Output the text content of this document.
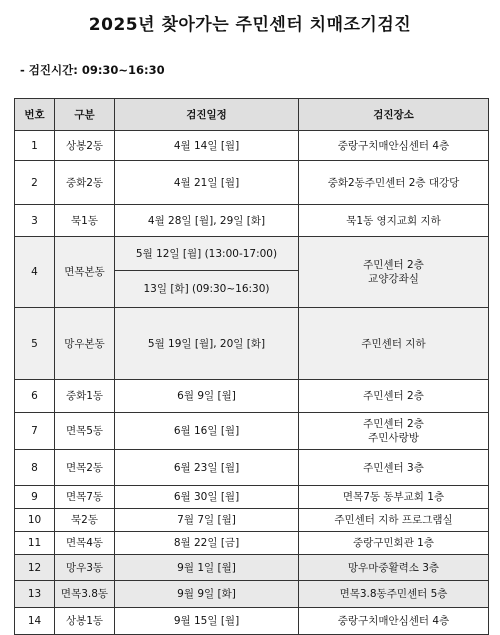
2025년 찾아가는 주민센터 치매조기검진
- 검진시간: 09:30~16:30
번호	구분	검진일정	검진장소
1	상봉2동	4월 14일 [월]	중랑구치매안심센터 4층
2	중화2동	4월 21일 [월]	중화2동주민센터 2층 대강당
3	묵1동	4월 28일 [월], 29일 [화]	묵1동 영지교회 지하
4	면목본동	5월 12일 [월] (13:00-17:00)	주민센터 2층
교양강좌실

		13일 [화] (09:30~16:30)	
5	망우본동	5월 19일 [월], 20일 [화]	주민센터 지하
6	중화1동	6월 9일 [월]	주민센터 2층
7	면목5동	6월 16일 [월]	주민센터 2층
주민사랑방

8	면목2동	6월 23일 [월]	주민센터 3층
9	면목7동	6월 30일 [월]	면목7동 동부교회 1층
10	묵2동	7월 7일 [월]	주민센터 지하 프로그램실
11	면목4동	8월 22일 [금]	중랑구민회관 1층
12	망우3동	9월 1일 [월]	망우마중활력소 3층
13	면목3.8동	9월 9일 [화]	면목3.8동주민센터 5층
14	상봉1동	9월 15일 [월]	중랑구치매안심센터 4층
